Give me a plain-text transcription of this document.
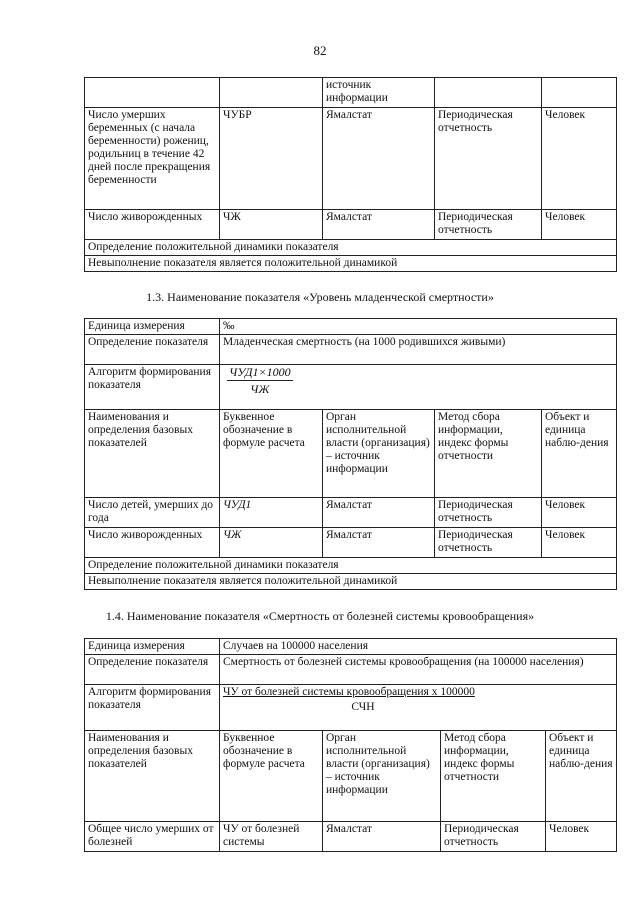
82
		источник информации		
Число умерших беременных (с начала беременности) рожениц, родильниц в течение 42 дней после прекращения беременности	ЧУБР	Ямалстат	Периодическая отчетность	Человек
Число живорожденных	ЧЖ	Ямалстат	Периодическая отчетность	Человек
Определение положительной динамики показателя				
Невыполнение показателя является положительной динамикой				
1.3. Наименование показателя «Уровень младенческой смертности»
Единица измерения	‰			
Определение показателя	Младенческая смертность (на 1000 родившихся живыми)			
Алгоритм формирования показателя	$\frac{\text{ЧУД1×1000}}{ЧЖ}$

Наименования и определения базовых показателей	Буквенное обозначение в формуле расчета	Орган исполнительной власти (организация) – источник информации	Метод сбора информации, индекс формы отчетности	Объект и единица наблю-дения
Число детей, умерших до года	ЧУД1	Ямалстат	Периодическая отчетность	Человек
Число живорожденных	ЧЖ	Ямалстат	Периодическая отчетность	Человек
Определение положительной динамики показателя				
Невыполнение показателя является положительной динамикой				
1.4. Наименование показателя «Смертность от болезней системы кровообращения»
Единица измерения	Случаев на 100000 населения			
Определение показателя	Смертность от болезней системы кровообращения (на 100000 населения)			
Алгоритм формирования показателя	ЧУ от болезней системы кровообращения х 100000
СЧН			

Наименования и определения базовых показателей	Буквенное обозначение в формуле расчета	Орган исполнительной власти (организация) – источник информации	Метод сбора информации, индекс формы отчетности	Объект и единица наблю-дения
Общее число умерших от болезней	ЧУ от болезней системы	Ямалстат	Периодическая отчетность	Человек
